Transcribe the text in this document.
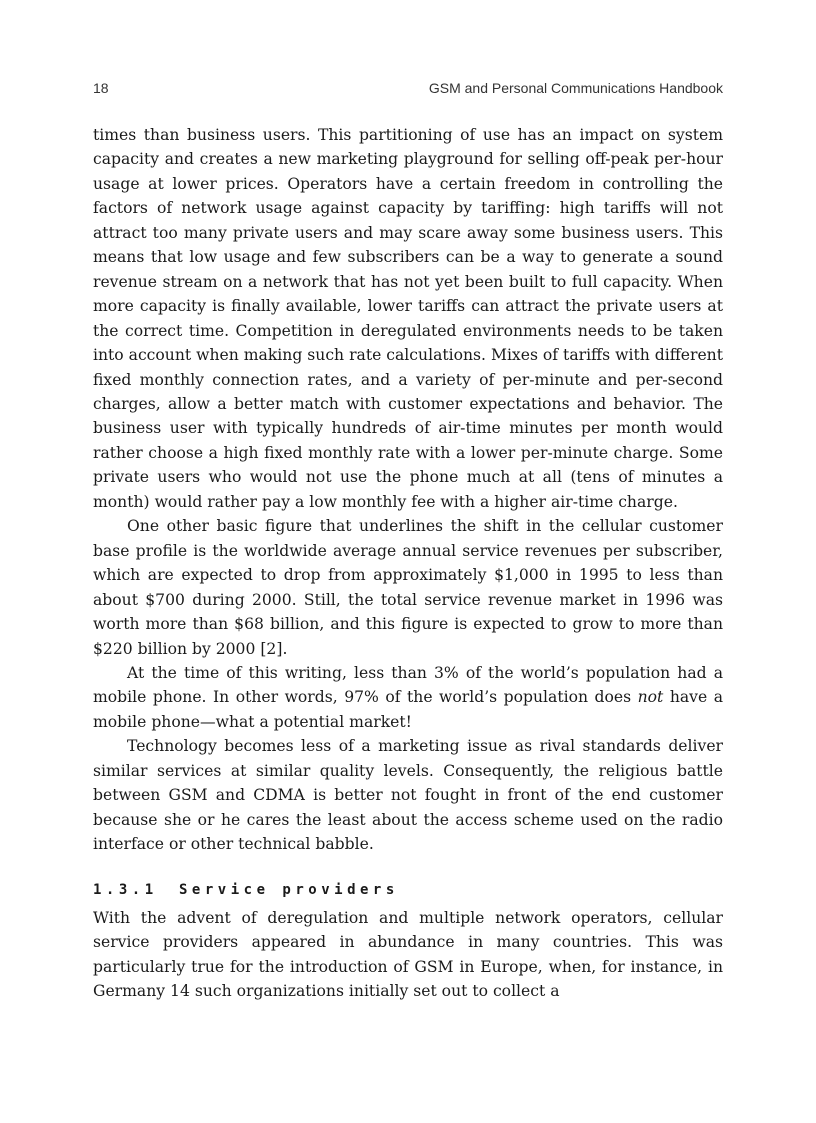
18	GSM and Personal Communications Handbook

times than business users. This partitioning of use has an impact on system capacity and creates a new marketing playground for selling off-peak per-hour usage at lower prices. Operators have a certain freedom in controlling the factors of network usage against capacity by tariffing: high tariffs will not attract too many private users and may scare away some business users. This means that low usage and few subscribers can be a way to generate a sound revenue stream on a network that has not yet been built to full capacity. When more capacity is finally available, lower tariffs can attract the private users at the correct time. Competition in deregulated environments needs to be taken into account when making such rate calculations. Mixes of tariffs with different fixed monthly connection rates, and a variety of per-minute and per-second charges, allow a better match with customer expectations and behavior. The business user with typically hundreds of air-time minutes per month would rather choose a high fixed monthly rate with a lower per-minute charge. Some private users who would not use the phone much at all (tens of minutes a month) would rather pay a low monthly fee with a higher air-time charge.

One other basic figure that underlines the shift in the cellular customer base profile is the worldwide average annual service revenues per subscriber, which are expected to drop from approximately $1,000 in 1995 to less than about $700 during 2000. Still, the total service revenue market in 1996 was worth more than $68 billion, and this figure is expected to grow to more than $220 billion by 2000 [2].

At the time of this writing, less than 3% of the world’s population had a mobile phone. In other words, 97% of the world’s population does not have a mobile phone—what a potential market!

Technology becomes less of a marketing issue as rival standards deliver similar services at similar quality levels. Consequently, the religious battle between GSM and CDMA is better not fought in front of the end customer because she or he cares the least about the access scheme used on the radio interface or other technical babble.

1.3.1 Service providers

With the advent of deregulation and multiple network operators, cellular service providers appeared in abundance in many countries. This was particularly true for the introduction of GSM in Europe, when, for instance, in Germany 14 such organizations initially set out to collect a
